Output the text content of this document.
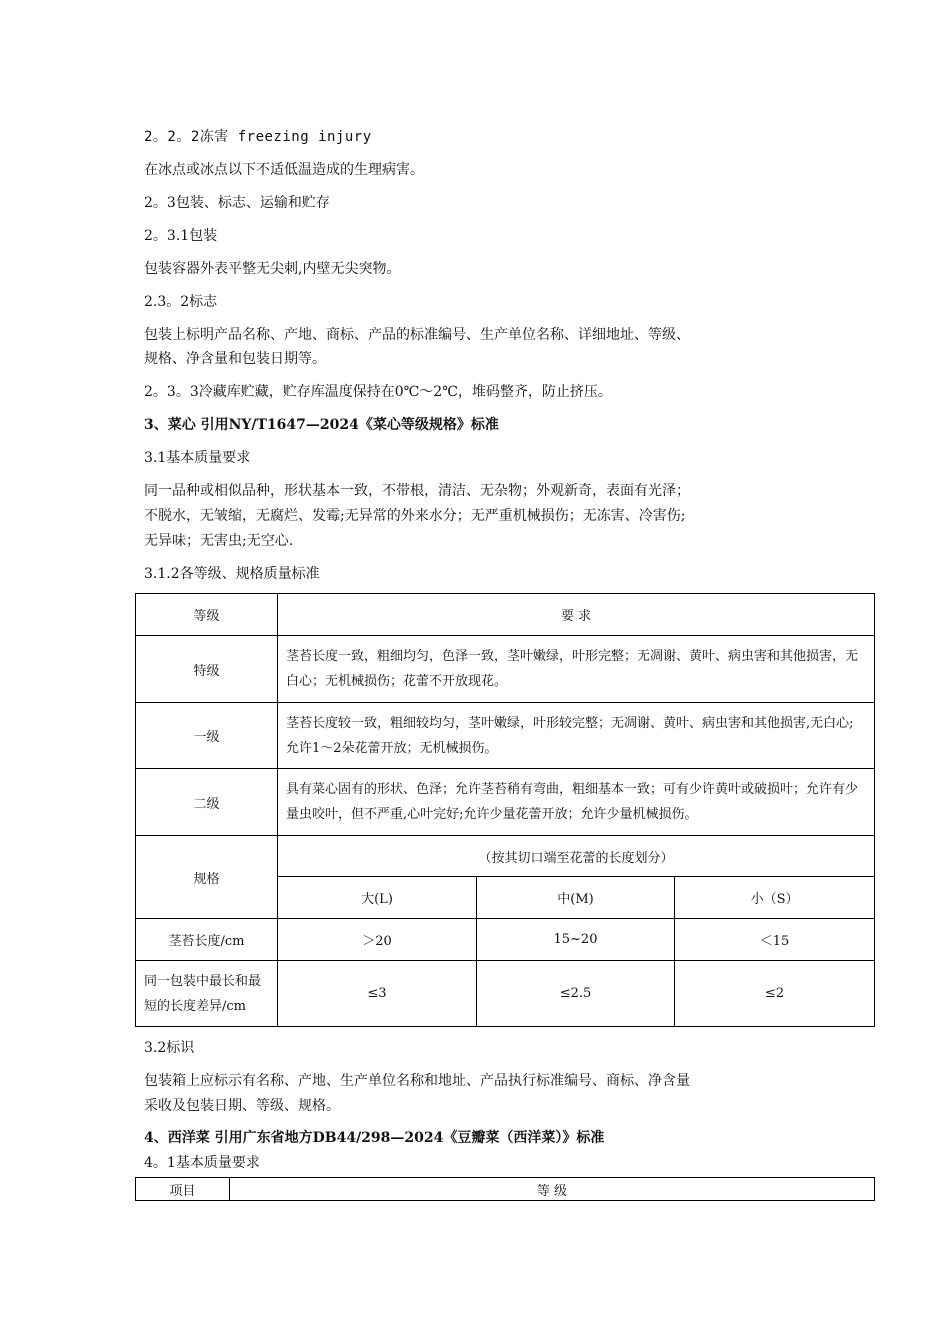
2。2。2冻害 freezing injury
在冰点或冰点以下不适低温造成的生理病害。
2。3包装、标志、运输和贮存
2。3.1包装
包装容器外表平整无尖刺,内壁无尖突物。
2.3。2标志
包装上标明产品名称、产地、商标、产品的标准编号、生产单位名称、详细地址、等级、
规格、净含量和包装日期等。
2。3。3冷藏库贮藏，贮存库温度保持在0℃～2℃，堆码整齐，防止挤压。
3、菜心 引用NY/T1647—2024《菜心等级规格》标准
3.1基本质量要求
同一品种或相似品种，形状基本一致，不带根，清洁、无杂物；外观新奇，表面有光泽；
不脱水，无皱缩，无腐烂、发霉;无异常的外来水分；无严重机械损伤；无冻害、冷害伤;
无异味；无害虫;无空心.
3.1.2各等级、规格质量标准
等级	要 求		
特级	茎苔长度一致，粗细均匀，色泽一致，茎叶嫩绿，叶形完整；无凋谢、黄叶、病虫害和其他损害，无白心；无机械损伤；花蕾不开放现花。		
一级	茎苔长度较一致，粗细较均匀，茎叶嫩绿，叶形较完整；无凋谢、黄叶、病虫害和其他损害,无白心;允许1～2朵花蕾开放；无机械损伤。		
二级	具有菜心固有的形状、色泽；允许茎苔稍有弯曲，粗细基本一致；可有少许黄叶或破损叶；允许有少量虫咬叶，但不严重,心叶完好;允许少量花蕾开放；允许少量机械损伤。		
规格	（按其切口端至花蕾的长度划分）		
	大(L)	中(M)	小（S）
茎苔长度/cm	＞20	15~20	＜15
同一包装中最长和最短的长度差异/cm	≤3	≤2.5	≤2
3.2标识
包装箱上应标示有名称、产地、生产单位名称和地址、产品执行标准编号、商标、净含量
采收及包装日期、等级、规格。
4、西洋菜 引用广东省地方DB44/298—2024《豆瓣菜（西洋菜）》标准
4。1基本质量要求
项目	等 级
